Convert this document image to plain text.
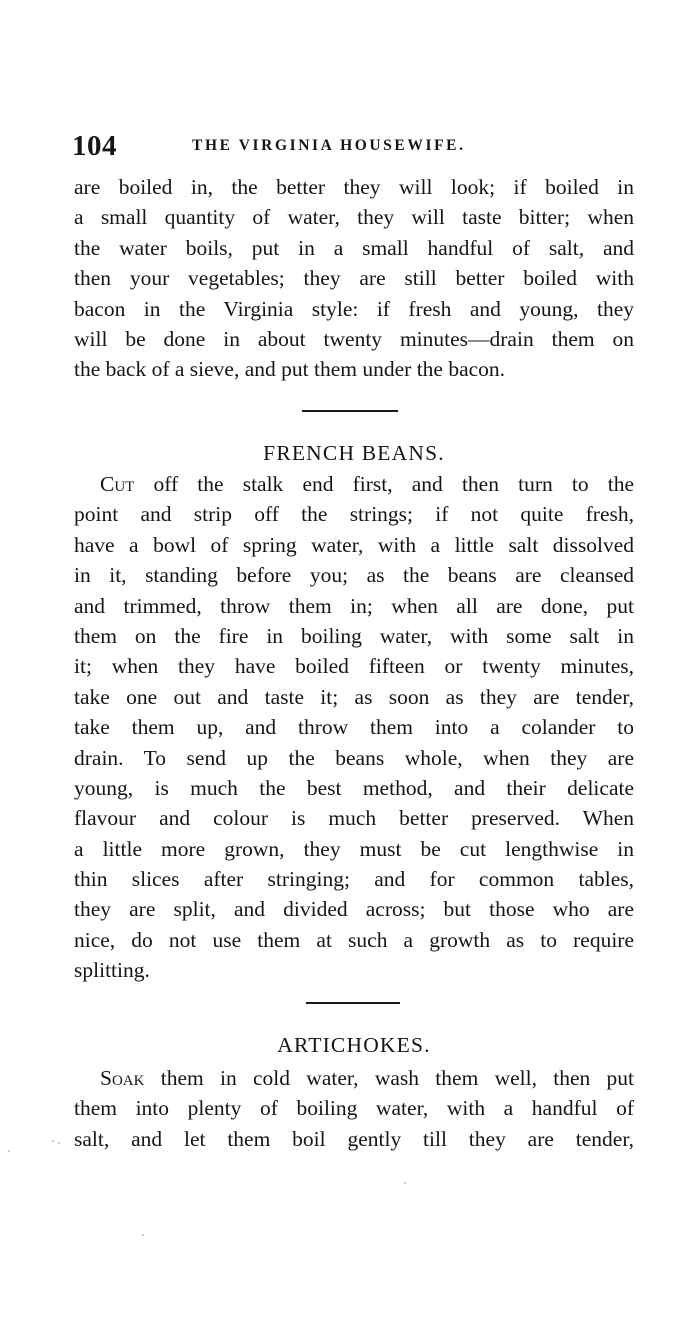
104	THE VIRGINIA HOUSEWIFE.

are boiled in, the better they will look; if boiled in
a small quantity of water, they will taste bitter; when
the water boils, put in a small handful of salt, and
then your vegetables; they are still better boiled with
bacon in the Virginia style: if fresh and young, they
will be done in about twenty minutes—drain them on
the back of a sieve, and put them under the bacon.

FRENCH BEANS.

Cut off the stalk end first, and then turn to the
point and strip off the strings; if not quite fresh,
have a bowl of spring water, with a little salt dissolved
in it, standing before you; as the beans are cleansed
and trimmed, throw them in; when all are done, put
them on the fire in boiling water, with some salt in
it; when they have boiled fifteen or twenty minutes,
take one out and taste it; as soon as they are tender,
take them up, and throw them into a colander to
drain. To send up the beans whole, when they are
young, is much the best method, and their delicate
flavour and colour is much better preserved. When
a little more grown, they must be cut lengthwise in
thin slices after stringing; and for common tables,
they are split, and divided across; but those who are
nice, do not use them at such a growth as to require
splitting.

ARTICHOKES.

Soak them in cold water, wash them well, then put
them into plenty of boiling water, with a handful of
salt, and let them boil gently till they are tender,
